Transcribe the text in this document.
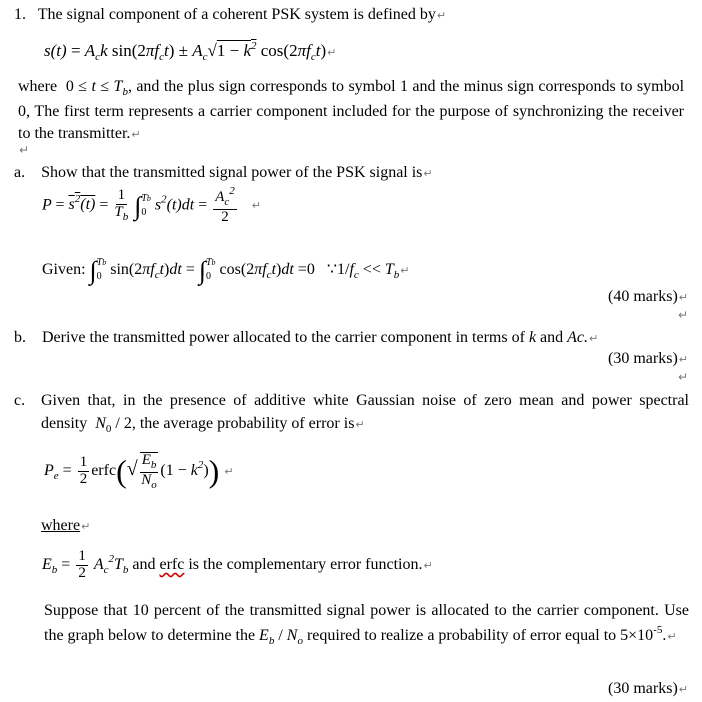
1. The signal component of a coherent PSK system is defined by↵
$s(t) = A_ck$ $\sin(2\pi f_ct) \pm A_c√1 - k^2$ $\cos(2\pi f_ct)↵$
where $0 \le t \le T_b$, and the plus sign corresponds to symbol 1 and the minus sign corresponds to symbol 0, The first term represents a carrier component included for the purpose of synchronizing the receiver to the transmitter.↵
↵
a. Show that the transmitted signal power of the PSK signal is↵
$P = s^2(t) = \frac{1}{T_b} \int Tb$
0 $s^2(t)dt = \frac{A_c^2}{2}$ ↵
Given: ∫Tb
0 $\sin(2\pi f_ct)dt = \int Tb$
0 $\cos(2\pi f_ct)dt =0$   $\because 1/f_c$ << $T_b↵$
(40 marks)↵
↵
b. Derive the transmitted power allocated to the carrier component in terms of k and Ac.↵
(30 marks)↵
↵
c. Given that, in the presence of additive white Gaussian noise of zero mean and power spectral density $N_0 / 2$, the average probability of error is↵
$P_e = \frac{1}{2}$ erfc(√ $\frac{E_b}{N_o} (1 - k^2)$) ↵
where↵
$E_b = \frac{1}{2} A_c^2T_b$ and erfc is the complementary error function.↵
Suppose that 10 percent of the transmitted signal power is allocated to the carrier component. Use the graph below to determine the $E_b / N_o$ required to realize a probability of error equal to $5\times 10^{-5}.↵$
(30 marks)↵
